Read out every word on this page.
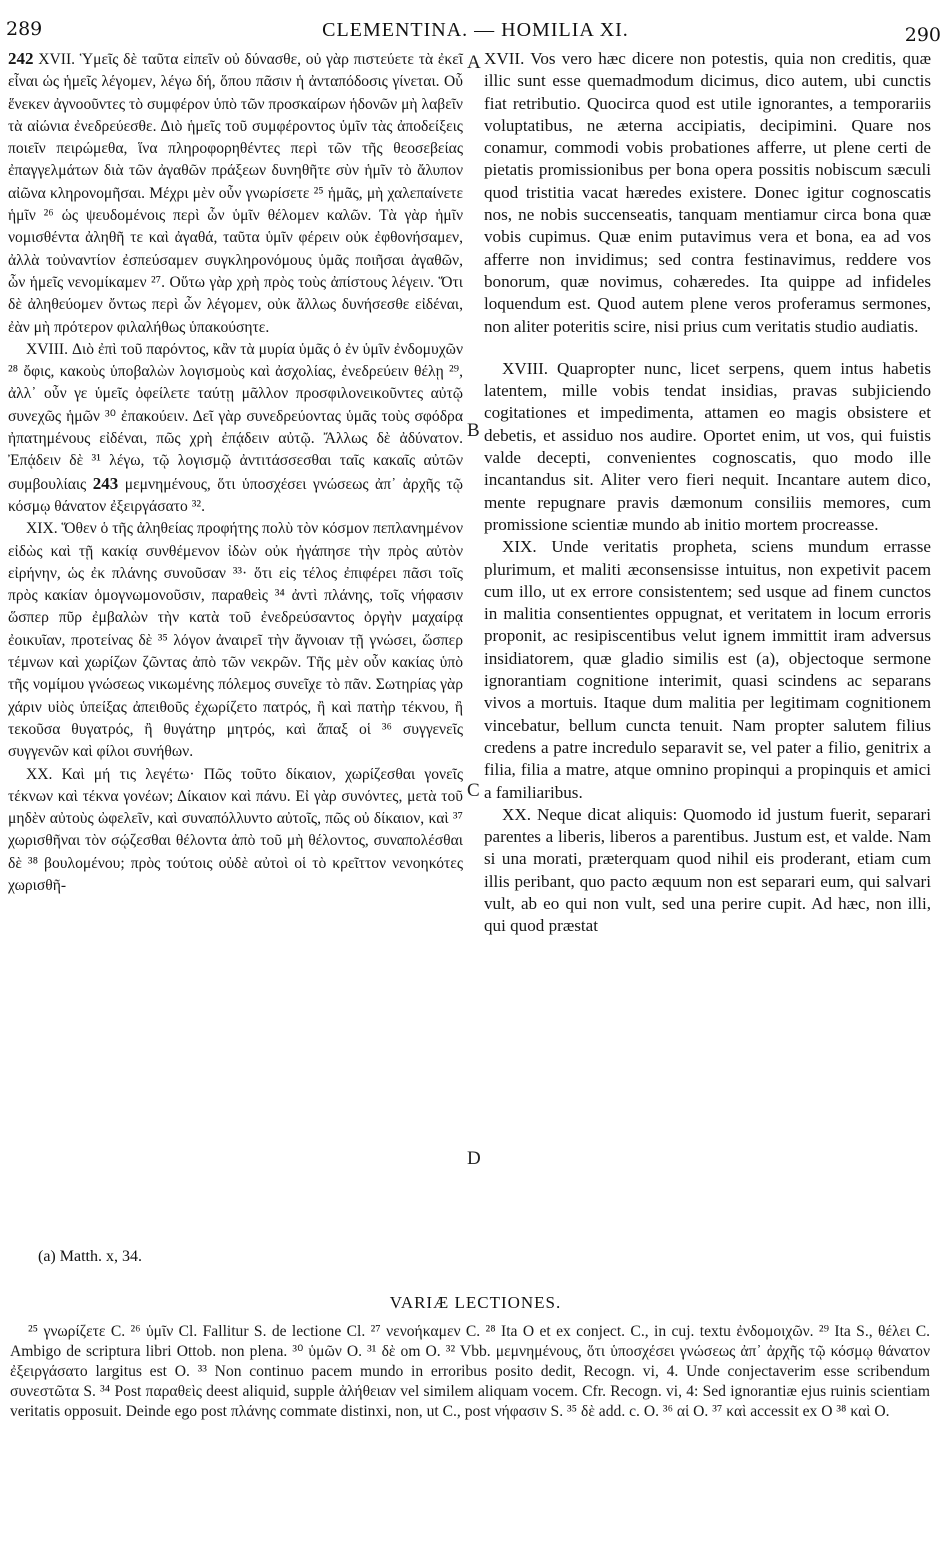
289	CLEMENTINA. — HOMILIA XI.	290

242 XVII. Ὑμεῖς δὲ ταῦτα εἰπεῖν οὐ δύνασθε, οὐ γὰρ πιστεύετε τὰ ἐκεῖ εἶναι ὡς ἡμεῖς λέγομεν, λέγω δή, ὅπου πᾶσιν ἡ ἀνταπόδοσις γίνεται. Οὗ ἕνεκεν ἀγνοοῦντες τὸ συμφέρον ὑπὸ τῶν προσκαίρων ἡδονῶν μὴ λαβεῖν τὰ αἰώνια ἐνεδρεύεσθε. Διὸ ἡμεῖς τοῦ συμφέροντος ὑμῖν τὰς ἀποδείξεις ποιεῖν πειρώμεθα, ἵνα πληροφορηθέντες περὶ τῶν τῆς θεοσεβείας ἐπαγγελμάτων διὰ τῶν ἀγαθῶν πράξεων δυνηθῆτε σὺν ἡμῖν τὸ ἄλυπον αἰῶνα κληρονομῆσαι. Μέχρι μὲν οὖν γνωρίσετε ²⁵ ἡμᾶς, μὴ χαλεπαίνετε ἡμῖν ²⁶ ὡς ψευδομένοις περὶ ὧν ὑμῖν θέλομεν καλῶν. Τὰ γὰρ ἡμῖν νομισθέντα ἀληθῆ τε καὶ ἀγαθά, ταῦτα ὑμῖν φέρειν οὐκ ἐφθονήσαμεν, ἀλλὰ τοὐναντίον ἐσπεύσαμεν συγκληρονόμους ὑμᾶς ποιῆσαι ἀγαθῶν, ὧν ἡμεῖς νενομίκαμεν ²⁷. Οὕτω γὰρ χρὴ πρὸς τοὺς ἀπίστους λέγειν. Ὅτι δὲ ἀληθεύομεν ὄντως περὶ ὧν λέγομεν, οὐκ ἄλλως δυνήσεσθε εἰδέναι, ἐὰν μὴ πρότερον φιλαλήθως ὑπακούσητε.

XVIII. Διὸ ἐπὶ τοῦ παρόντος, κἂν τὰ μυρία ὑμᾶς ὁ ἐν ὑμῖν ἐνδομυχῶν ²⁸ ὄφις, κακοὺς ὑποβαλὼν λογισμοὺς καὶ ἀσχολίας, ἐνεδρεύειν θέλῃ ²⁹, ἀλλ᾽ οὖν γε ὑμεῖς ὀφείλετε ταύτῃ μᾶλλον προσφιλονεικοῦντες αὐτῷ συνεχῶς ἡμῶν ³⁰ ἐπακούειν. Δεῖ γὰρ συνεδρεύοντας ὑμᾶς τοὺς σφόδρα ἠπατημένους εἰδέναι, πῶς χρὴ ἐπᾴδειν αὐτῷ. Ἄλλως δὲ ἀδύνατον. Ἐπᾴδειν δὲ ³¹ λέγω, τῷ λογισμῷ ἀντιτάσσεσθαι ταῖς κακαῖς αὐτῶν συμβουλίαις 243 μεμνημένους, ὅτι ὑποσχέσει γνώσεως ἀπ᾽ ἀρχῆς τῷ κόσμῳ θάνατον ἐξειργάσατο ³².

XIX. Ὅθεν ὁ τῆς ἀληθείας προφήτης πολὺ τὸν κόσμον πεπλανημένον εἰδὼς καὶ τῇ κακίᾳ συνθέμενον ἰδὼν οὐκ ἠγάπησε τὴν πρὸς αὐτὸν εἰρήνην, ὡς ἐκ πλάνης συνοῦσαν ³³· ὅτι εἰς τέλος ἐπιφέρει πᾶσι τοῖς πρὸς κακίαν ὁμογνωμονοῦσιν, παραθεὶς ³⁴ ἀντὶ πλάνης, τοῖς νήφασιν ὥσπερ πῦρ ἐμβαλὼν τὴν κατὰ τοῦ ἐνεδρεύσαντος ὀργὴν μαχαίρᾳ ἐοικυῖαν, προτείνας δὲ ³⁵ λόγον ἀναιρεῖ τὴν ἄγνοιαν τῇ γνώσει, ὥσπερ τέμνων καὶ χωρίζων ζῶντας ἀπὸ τῶν νεκρῶν. Τῆς μὲν οὖν κακίας ὑπὸ τῆς νομίμου γνώσεως νικωμένης πόλεμος συνεῖχε τὸ πᾶν. Σωτηρίας γὰρ χάριν υἱὸς ὑπείξας ἀπειθοῦς ἐχωρίζετο πατρός, ἢ καὶ πατὴρ τέκνου, ἢ τεκοῦσα θυγατρός, ἢ θυγάτηρ μητρός, καὶ ἅπαξ οἱ ³⁶ συγγενεῖς συγγενῶν καὶ φίλοι συνήθων.

XX. Καὶ μή τις λεγέτω· Πῶς τοῦτο δίκαιον, χωρίζεσθαι γονεῖς τέκνων καὶ τέκνα γονέων; Δίκαιον καὶ πάνυ. Εἰ γὰρ συνόντες, μετὰ τοῦ μηδὲν αὐτοὺς ὠφελεῖν, καὶ συναπόλλυντο αὐτοῖς, πῶς οὐ δίκαιον, καὶ ³⁷ χωρισθῆναι τὸν σῴζεσθαι θέλοντα ἀπὸ τοῦ μὴ θέλοντος, συναπολέσθαι δὲ ³⁸ βουλομένου; πρὸς τούτοις οὐδὲ αὐτοὶ οἱ τὸ κρεῖττον νενοηκότες χωρισθῆ-

A
B
C
D

XVII. Vos vero hæc dicere non potestis, quia non creditis, quæ illic sunt esse quemadmodum dicimus, dico autem, ubi cunctis fiat retributio. Quocirca quod est utile ignorantes, a temporariis voluptatibus, ne æterna accipiatis, decipimini. Quare nos conamur, commodi vobis probationes afferre, ut plene certi de pietatis promissionibus per bona opera possitis nobiscum sæculi quod tristitia vacat hæredes existere. Donec igitur cognoscatis nos, ne nobis succenseatis, tanquam mentiamur circa bona quæ vobis cupimus. Quæ enim putavimus vera et bona, ea ad vos afferre non invidimus; sed contra festinavimus, reddere vos bonorum, quæ novimus, cohæredes. Ita quippe ad infideles loquendum est. Quod autem plene veros proferamus sermones, non aliter poteritis scire, nisi prius cum veritatis studio audiatis.

XVIII. Quapropter nunc, licet serpens, quem intus habetis latentem, mille vobis tendat insidias, pravas subjiciendo cogitationes et impedimenta, attamen eo magis obsistere et debetis, et assiduo nos audire. Oportet enim, ut vos, qui fuistis valde decepti, convenientes cognoscatis, quo modo ille incantandus sit. Aliter vero fieri nequit. Incantare autem dico, mente repugnare pravis dæmonum consiliis memores, cum promissione scientiæ mundo ab initio mortem procreasse.

XIX. Unde veritatis propheta, sciens mundum errasse plurimum, et maliti æconsensisse intuitus, non expetivit pacem cum illo, ut ex errore consistentem; sed usque ad finem cunctos in malitia consentientes oppugnat, et veritatem in locum erroris proponit, ac resipiscentibus velut ignem immittit iram adversus insidiatorem, quæ gladio similis est (a), objectoque sermone ignorantiam cognitione interimit, quasi scindens ac separans vivos a mortuis. Itaque dum malitia per legitimam cognitionem vincebatur, bellum cuncta tenuit. Nam propter salutem filius credens a patre incredulo separavit se, vel pater a filio, genitrix a filia, filia a matre, atque omnino propinqui a propinquis et amici a familiaribus.

XX. Neque dicat aliquis: Quomodo id justum fuerit, separari parentes a liberis, liberos a parentibus. Justum est, et valde. Nam si una morati, præterquam quod nihil eis proderant, etiam cum illis peribant, quo pacto æquum non est separari eum, qui salvari vult, ab eo qui non vult, sed una perire cupit. Ad hæc, non illi, qui quod præstat

(a) Matth. x, 34.
VARIÆ LECTIONES.

²⁵ γνωρίζετε C. ²⁶ ὑμῖν Cl. Fallitur S. de lectione Cl. ²⁷ νενοήκαμεν C. ²⁸ Ita O et ex conject. C., in cuj. textu ἐνδομοιχῶν. ²⁹ Ita S., θέλει C. Ambigo de scriptura libri Ottob. non plena. ³⁰ ὑμῶν O. ³¹ δὲ om O. ³² Vbb. μεμνημένους, ὅτι ὑποσχέσει γνώσεως ἀπ᾽ ἀρχῆς τῷ κόσμῳ θάνατον ἐξειργάσατο largitus est O. ³³ Non continuo pacem mundo in erroribus posito dedit, Recogn. vi, 4. Unde conjectaverim esse scribendum συνεστῶτα S. ³⁴ Post παραθεὶς deest aliquid, supple ἀλήθειαν vel similem aliquam vocem. Cfr. Recogn. vi, 4: Sed ignorantiæ ejus ruinis scientiam veritatis opposuit. Deinde ego post πλάνης commate distinxi, non, ut C., post νήφασιν S. ³⁵ δὲ add. c. O. ³⁶ αἱ O. ³⁷ καὶ accessit ex O ³⁸ καὶ O.
